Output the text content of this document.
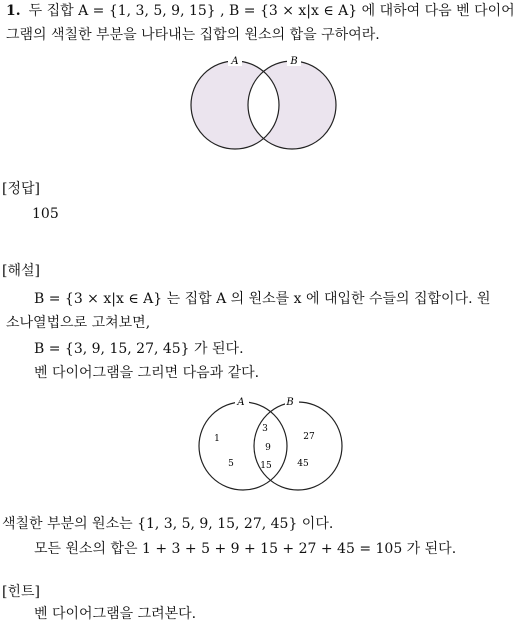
1. 두 집합 A = {1, 3, 5, 9, 15} , B = {3 × x|x ∈ A} 에 대하여 다음 벤 다이어
그램의 색칠한 부분을 나타내는 집합의 원소의 합을 구하여라.
A	B
[정답]
105
[해설]
B = {3 × x|x ∈ A} 는 집합 A 의 원소를 x 에 대입한 수들의 집합이다. 원
소나열법으로 고쳐보면,
B = {3, 9, 15, 27, 45} 가 된다.
벤 다이어그램을 그리면 다음과 같다.
A	B
1
5
3
9
15
27
45
색칠한 부분의 원소는 {1, 3, 5, 9, 15, 27, 45} 이다.
모든 원소의 합은 1 + 3 + 5 + 9 + 15 + 27 + 45 = 105 가 된다.
[힌트]
벤 다이어그램을 그려본다.
